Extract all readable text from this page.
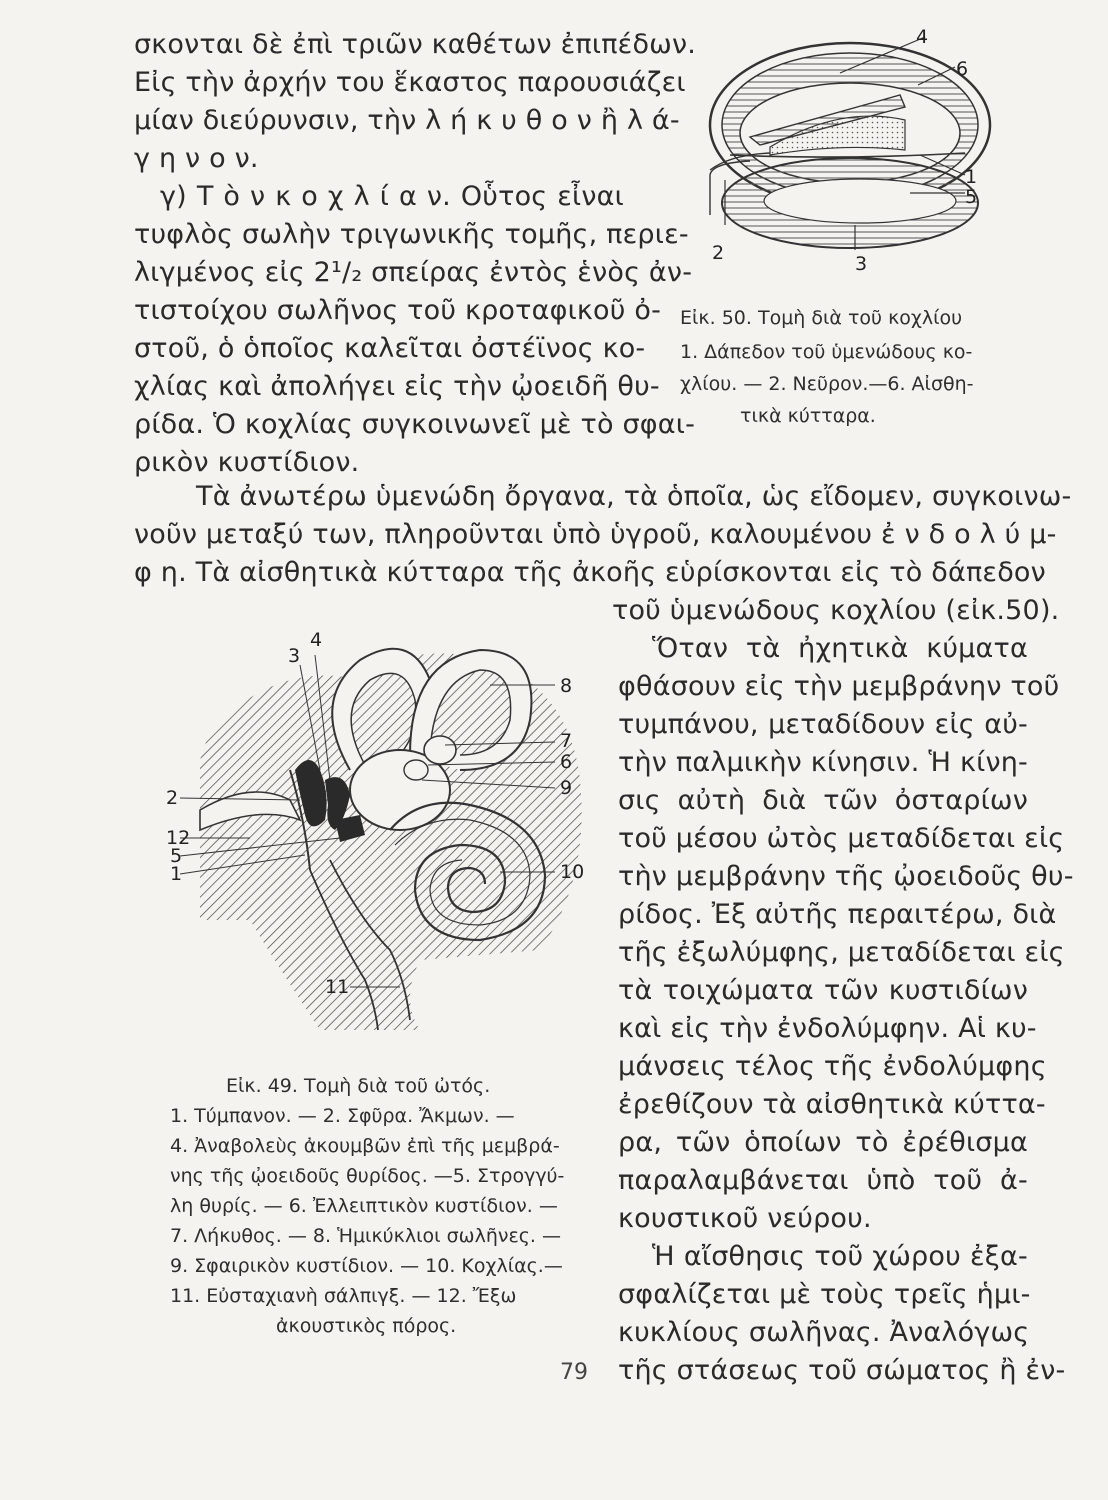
σκονται δὲ ἐπὶ τριῶν καθέτων ἐπιπέδων.
Εἰς τὴν ἀρχήν του ἕκαστος παρουσιάζει
μίαν διεύρυνσιν, τὴν λ ή κ υ θ ο ν ἢ λ ά-
γ η ν ο ν.
γ) Τ ὸ ν κ ο χ λ ί α ν. Οὗτος εἶναι
τυφλὸς σωλὴν τριγωνικῆς τομῆς, περιε-
λιγμένος εἰς 2¹/₂ σπείρας ἐντὸς ἑνὸς ἀν-
τιστοίχου σωλῆνος τοῦ κροταφικοῦ ὀ-
στοῦ, ὁ ὁποῖος καλεῖται ὀστέϊνος κο-
χλίας καὶ ἀπολήγει εἰς τὴν ᾠοειδῆ θυ-
ρίδα. Ὁ κοχλίας συγκοινωνεῖ μὲ τὸ σφαι-
ρικὸν κυστίδιον.
4
6
1
5
2	3
Εἰκ. 50. Τομὴ διὰ τοῦ κοχλίου
1. Δάπεδον τοῦ ὑμενώδους κο-
χλίου. — 2. Νεῦρον.—6. Αἰσθη-
τικὰ κύτταρα.
Τὰ ἀνωτέρω ὑμενώδη ὄργανα, τὰ ὁποῖα, ὡς εἴδομεν, συγκοινω-
νοῦν μεταξύ των, πληροῦνται ὑπὸ ὑγροῦ, καλουμένου ἐ ν δ ο λ ύ μ-
φ η. Τὰ αἰσθητικὰ κύτταρα τῆς ἀκοῆς εὑρίσκονται εἰς τὸ δάπεδον
τοῦ ὑμενώδους κοχλίου (εἰκ.50).
Ὅταν τὰ ἠχητικὰ κύματα
φθάσουν εἰς τὴν μεμβράνην τοῦ
τυμπάνου, μεταδίδουν εἰς αὐ-
τὴν παλμικὴν κίνησιν. Ἡ κίνη-
σις αὐτὴ διὰ τῶν ὀσταρίων
τοῦ μέσου ὠτὸς μεταδίδεται εἰς
τὴν μεμβράνην τῆς ᾠοειδοῦς θυ-
ρίδος. Ἐξ αὐτῆς περαιτέρω, διὰ
τῆς ἐξωλύμφης, μεταδίδεται εἰς
τὰ τοιχώματα τῶν κυστιδίων
καὶ εἰς τὴν ἐνδολύμφην. Αἱ κυ-
μάνσεις τέλος τῆς ἐνδολύμφης
ἐρεθίζουν τὰ αἰσθητικὰ κύττα-
ρα, τῶν ὁποίων τὸ ἐρέθισμα
παραλαμβάνεται ὑπὸ τοῦ ἀ-
κουστικοῦ νεύρου.
Ἡ αἴσθησις τοῦ χώρου ἐξα-
σφαλίζεται μὲ τοὺς τρεῖς ἡμι-
κυκλίους σωλῆνας. Ἀναλόγως
τῆς στάσεως τοῦ σώματος ἢ ἐν-
3
4
8
7
6
9
2
12
5
1	10
11
Εἰκ. 49. Τομὴ διὰ τοῦ ὠτός.
1. Τύμπανον. — 2. Σφῦρα. Ἄκμων. —
4. Ἀναβολεὺς ἀκουμβῶν ἐπὶ τῆς μεμβρά-
νης τῆς ᾠοειδοῦς θυρίδος. —5. Στρογγύ-
λη θυρίς. — 6. Ἐλλειπτικὸν κυστίδιον. —
7. Λήκυθος. — 8. Ἡμικύκλιοι σωλῆνες. —
9. Σφαιρικὸν κυστίδιον. — 10. Κοχλίας.—
11. Εὐσταχιανὴ σάλπιγξ. — 12. Ἔξω
ἀκουστικὸς πόρος.
79
